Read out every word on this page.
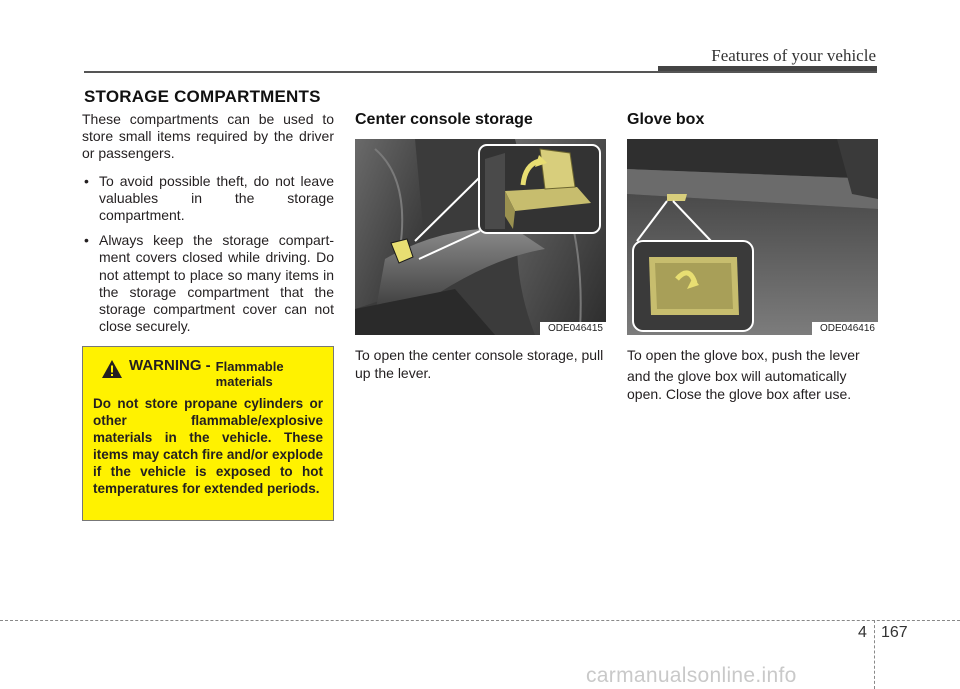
Features of your vehicle
STORAGE COMPARTMENTS

These compartments can be used to store small items required by the driver or passengers.

• To avoid possible theft, do not leave valuables in the storage compartment.
• Always keep the storage compart-ment covers closed while driving. Do not attempt to place so many items in the storage compartment that the storage compartment cover can not close securely.
WARNING - Flammable materials
Do not store propane cylinders or other flammable/explosive materials in the vehicle. These items may catch fire and/or explode if the vehicle is exposed to hot temperatures for extended periods.
Center console storage
ODE046415
To open the center console storage, pull up the lever.
Glove box
ODE046416
To open the glove box, push the lever
and the glove box will automatically open. Close the glove box after use.
4 167
carmanualsonline.info
